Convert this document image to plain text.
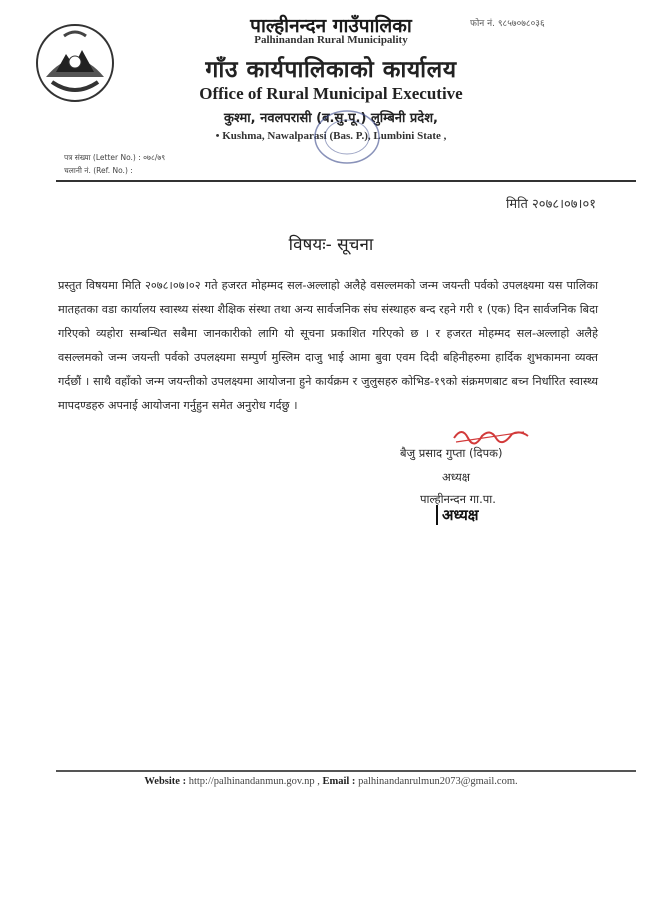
फोन नं. ९८५७०७८०३६
पाल्हीनन्दन गाउँपालिका
Palhinandan Rural Municipality
गाँउ कार्यपालिकाको कार्यालय
Office of Rural Municipal Executive
कुश्मा, नवलपरासी (ब.सु.पू.) लुम्बिनी प्रदेश,
• Kushma, Nawalparasi (Bas. P.), Lumbini State ,
पत्र संख्या (Letter No.) : ०७८/७९
चलानी नं. (Ref. No.) :
मिति २०७८।०७।०१
विषयः- सूचना
प्रस्तुत विषयमा मिति २०७८।०७।०२ गते हजरत मोहम्मद सल-अल्लाहो अलैहे वसल्लमको जन्म जयन्ती पर्वको उपलक्ष्यमा यस पालिका मातहतका वडा कार्यालय स्वास्थ्य संस्था शैक्षिक संस्था तथा अन्य सार्वजनिक संघ संस्थाहरु बन्द रहने गरी १ (एक) दिन सार्वजनिक बिदा गरिएको व्यहोरा सम्बन्धित सबैमा जानकारीको लागि यो सूचना प्रकाशित गरिएको छ । र हजरत मोहम्मद सल-अल्लाहो अलैहे वसल्लमको जन्म जयन्ती पर्वको उपलक्ष्यमा सम्पुर्ण मुस्लिम दाजु भाई आमा बुवा एवम दिदी बहिनीहरुमा हार्दिक शुभकामना व्यक्त गर्दछौं । साथै वहाँको जन्म जयन्तीको उपलक्ष्यमा आयोजना हुने कार्यक्रम र जुलुसहरु कोभिड-१९को संक्रमणबाट बच्न निर्धारित स्वास्थ्य मापदण्डहरु अपनाई आयोजना गर्नुहुन समेत अनुरोध गर्दछु ।
बैजु प्रसाद गुप्ता (दिपक)
अध्यक्ष
पाल्हीनन्दन गा.पा.
अध्यक्ष
Website : http://palhinandanmun.gov.np , Email : palhinandanrulmun2073@gmail.com.
